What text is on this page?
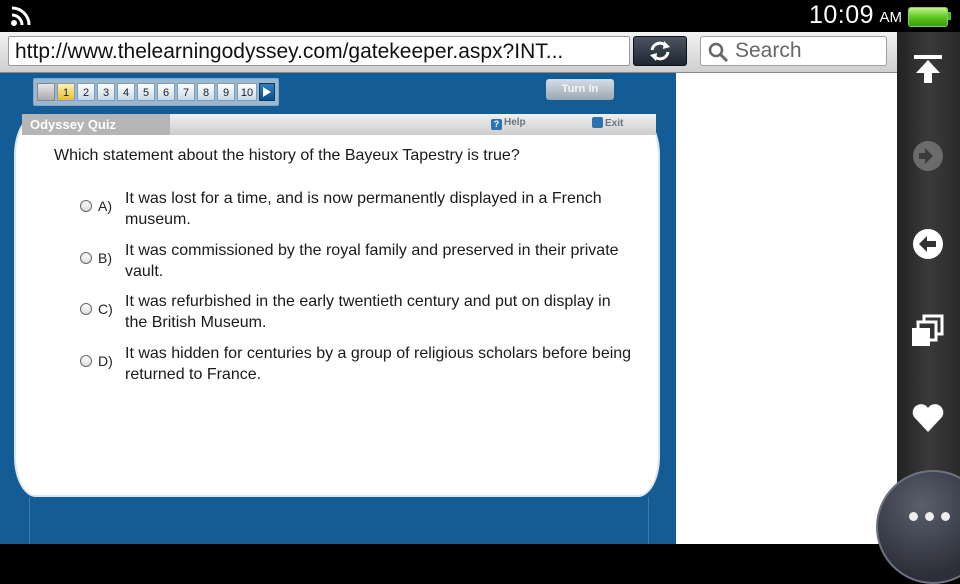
10:09 AM
http://www.thelearningodyssey.com/gatekeeper.aspx?INT...	Search
1	2	3	4	5	6	7	8	9	10	Turn In
Odyssey Quiz	? Help	Exit
Which statement about the history of the Bayeux Tapestry is true?
A) It was lost for a time, and is now permanently displayed in a French museum.
B) It was commissioned by the royal family and preserved in their private vault.
C) It was refurbished in the early twentieth century and put on display in the British Museum.
D) It was hidden for centuries by a group of religious scholars before being returned to France.
